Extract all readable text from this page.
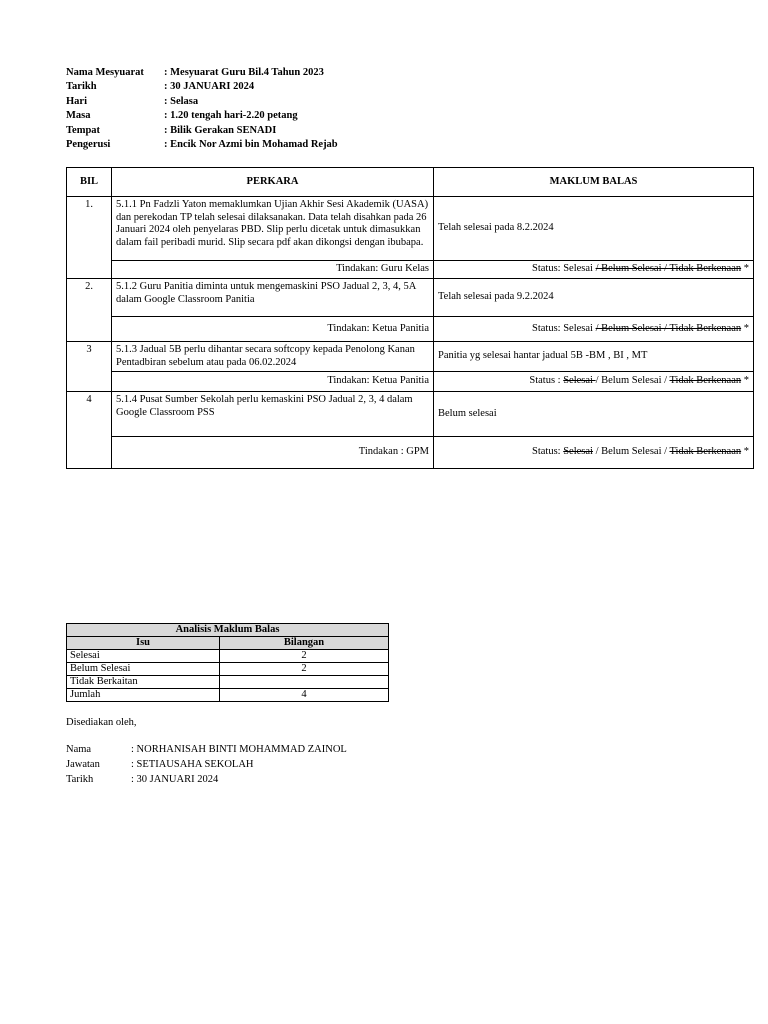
Nama Mesyuarat	: Mesyuarat Guru Bil.4 Tahun 2023
Tarikh	: 30 JANUARI 2024
Hari	: Selasa
Masa	: 1.20 tengah hari-2.20 petang
Tempat	: Bilik Gerakan SENADI
Pengerusi	: Encik Nor Azmi bin Mohamad Rejab
BIL	PERKARA	MAKLUM BALAS
1.	5.1.1 Pn Fadzli Yaton memaklumkan Ujian Akhir Sesi Akademik (UASA) dan perekodan TP telah selesai dilaksanakan. Data telah disahkan pada 26 Januari 2024 oleh penyelaras PBD. Slip perlu dicetak untuk dimasukkan dalam fail peribadi murid. Slip secara pdf akan dikongsi dengan ibubapa.	Telah selesai pada 8.2.2024
	Tindakan: Guru Kelas	Status: Selesai / Belum Selesai / Tidak Berkenaan *
2.	5.1.2 Guru Panitia diminta untuk mengemaskini PSO Jadual 2, 3, 4, 5A dalam Google Classroom Panitia	Telah selesai pada 9.2.2024
	Tindakan: Ketua Panitia	Status: Selesai / Belum Selesai / Tidak Berkenaan *
3	5.1.3 Jadual 5B perlu dihantar secara softcopy kepada Penolong Kanan Pentadbiran sebelum atau pada 06.02.2024	Panitia yg selesai hantar jadual 5B -BM , BI , MT
	Tindakan: Ketua Panitia	Status : Selesai / Belum Selesai / Tidak Berkenaan *
4	5.1.4 Pusat Sumber Sekolah perlu kemaskini PSO Jadual 2, 3, 4 dalam Google Classroom PSS	Belum selesai
	Tindakan : GPM	Status: Selesai / Belum Selesai / Tidak Berkenaan *
Analisis Maklum Balas	
Isu	Bilangan
Selesai	2
Belum Selesai	2
Tidak Berkaitan	
Jumlah	4
Disediakan oleh,
Nama	: NORHANISAH BINTI MOHAMMAD ZAINOL
Jawatan	: SETIAUSAHA SEKOLAH
Tarikh	: 30 JANUARI 2024
